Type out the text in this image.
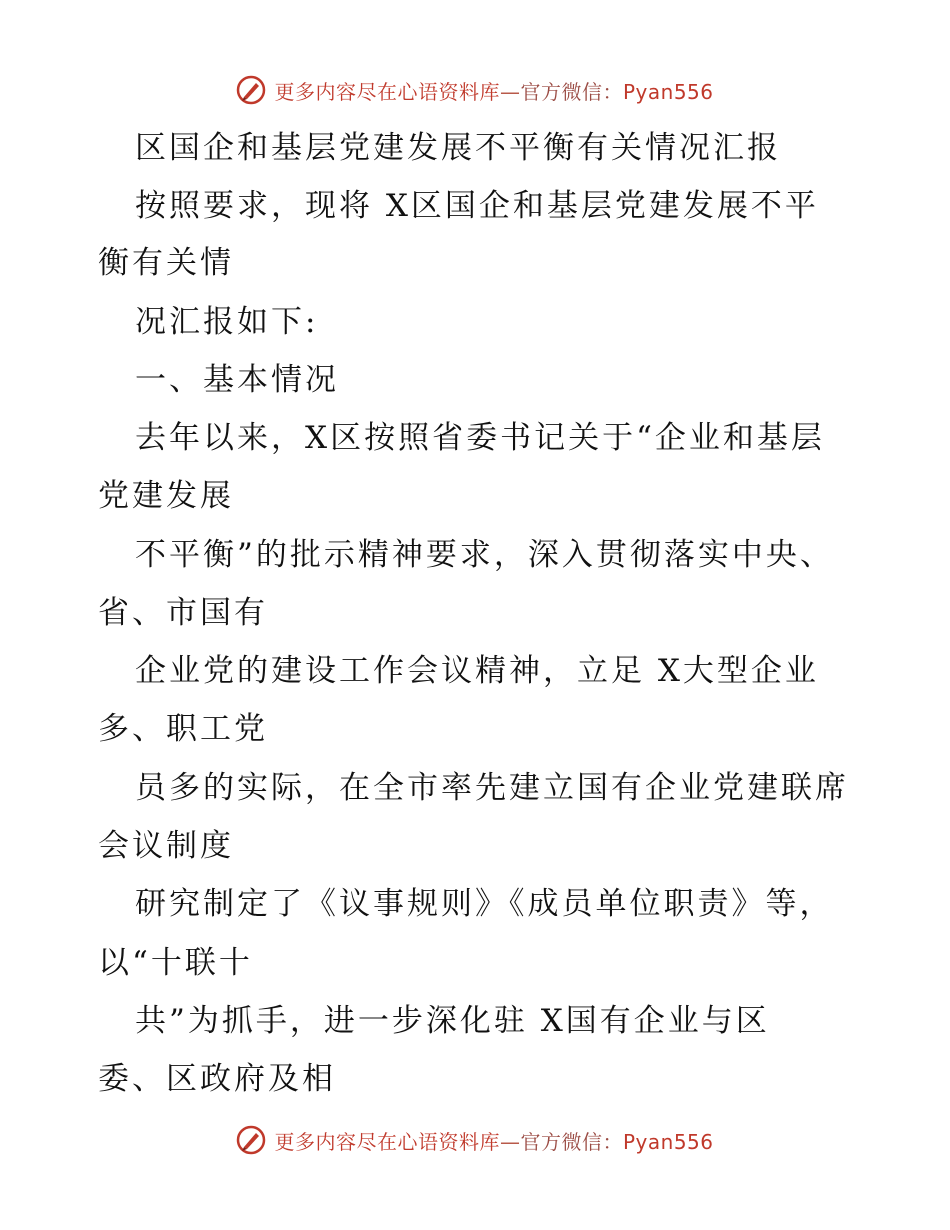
更多内容尽在心语资料库—官方微信：Pyan556
区国企和基层党建发展不平衡有关情况汇报
按照要求，现将 X区国企和基层党建发展不平
衡有关情
况汇报如下:
一、基本情况
去年以来，X区按照省委书记关于“企业和基层
党建发展
不平衡”的批示精神要求，深入贯彻落实中央、
省、市国有
企业党的建设工作会议精神，立足 X大型企业
多、职工党
员多的实际，在全市率先建立国有企业党建联席
会议制度
研究制定了《议事规则》《成员单位职责》等，
以“十联十
共”为抓手，进一步深化驻 X国有企业与区
委、区政府及相
更多内容尽在心语资料库—官方微信：Pyan556
